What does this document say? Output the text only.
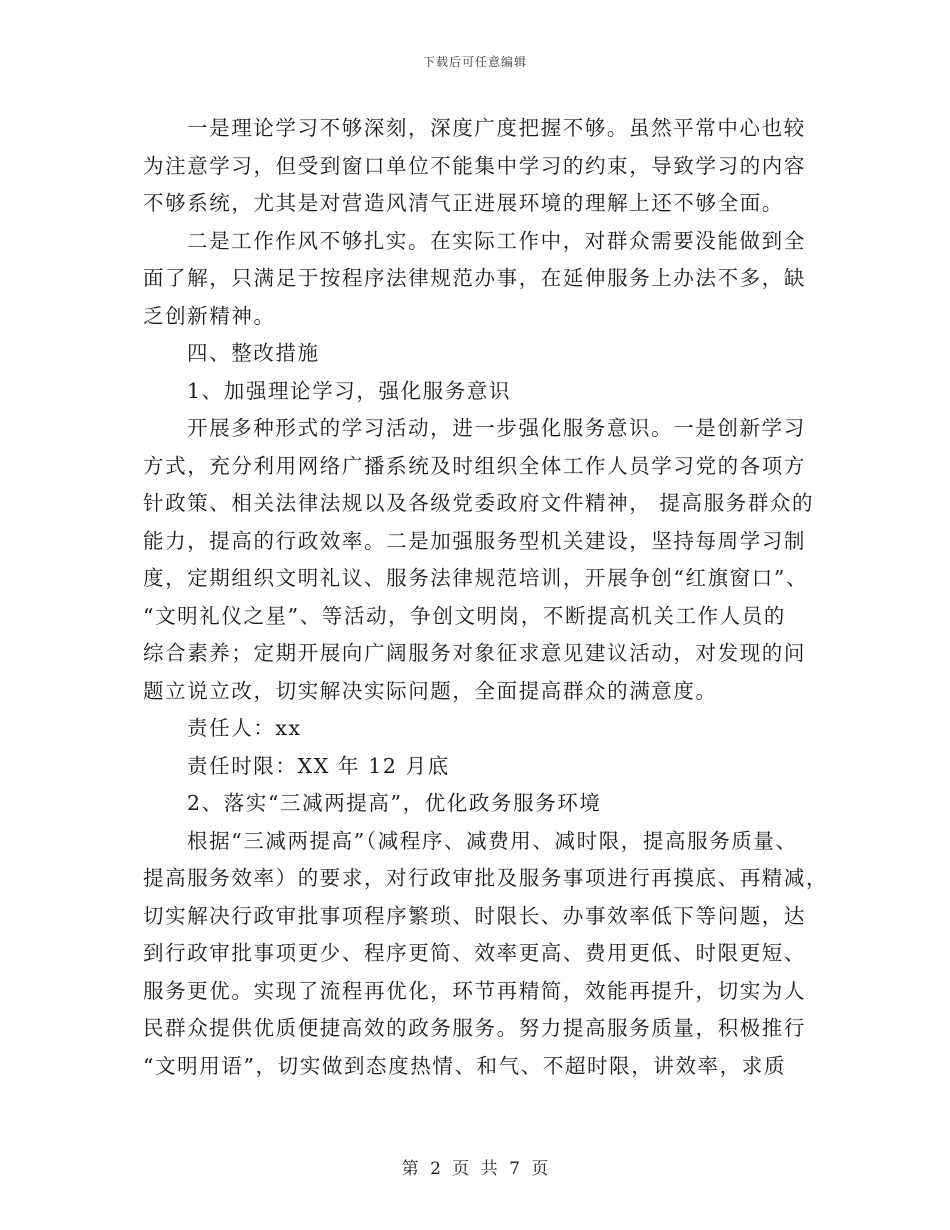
下载后可任意编辑
一是理论学习不够深刻，深度广度把握不够。虽然平常中心也较
为注意学习，但受到窗口单位不能集中学习的约束，导致学习的内容
不够系统，尤其是对营造风清气正进展环境的理解上还不够全面。
二是工作作风不够扎实。在实际工作中，对群众需要没能做到全
面了解，只满足于按程序法律规范办事，在延伸服务上办法不多，缺
乏创新精神。
四、整改措施
1、加强理论学习，强化服务意识
开展多种形式的学习活动，进一步强化服务意识。一是创新学习
方式，充分利用网络广播系统及时组织全体工作人员学习党的各项方
针政策、相关法律法规以及各级党委政府文件精神， 提高服务群众的
能力，提高的行政效率。二是加强服务型机关建设，坚持每周学习制
度，定期组织文明礼议、服务法律规范培训，开展争创“红旗窗口”、
“文明礼仪之星”、等活动，争创文明岗，不断提高机关工作人员的
综合素养；定期开展向广阔服务对象征求意见建议活动，对发现的问
题立说立改，切实解决实际问题，全面提高群众的满意度。
责任人：xx
责任时限：XX 年 12 月底
2、落实“三减两提高”，优化政务服务环境
根据“三减两提高”（减程序、减费用、减时限，提高服务质量、
提高服务效率）的要求，对行政审批及服务事项进行再摸底、再精减，
切实解决行政审批事项程序繁琐、时限长、办事效率低下等问题，达
到行政审批事项更少、程序更简、效率更高、费用更低、时限更短、
服务更优。实现了流程再优化，环节再精简，效能再提升，切实为人
民群众提供优质便捷高效的政务服务。努力提高服务质量，积极推行
“文明用语”，切实做到态度热情、和气、不超时限，讲效率，求质
第 2 页 共 7 页
